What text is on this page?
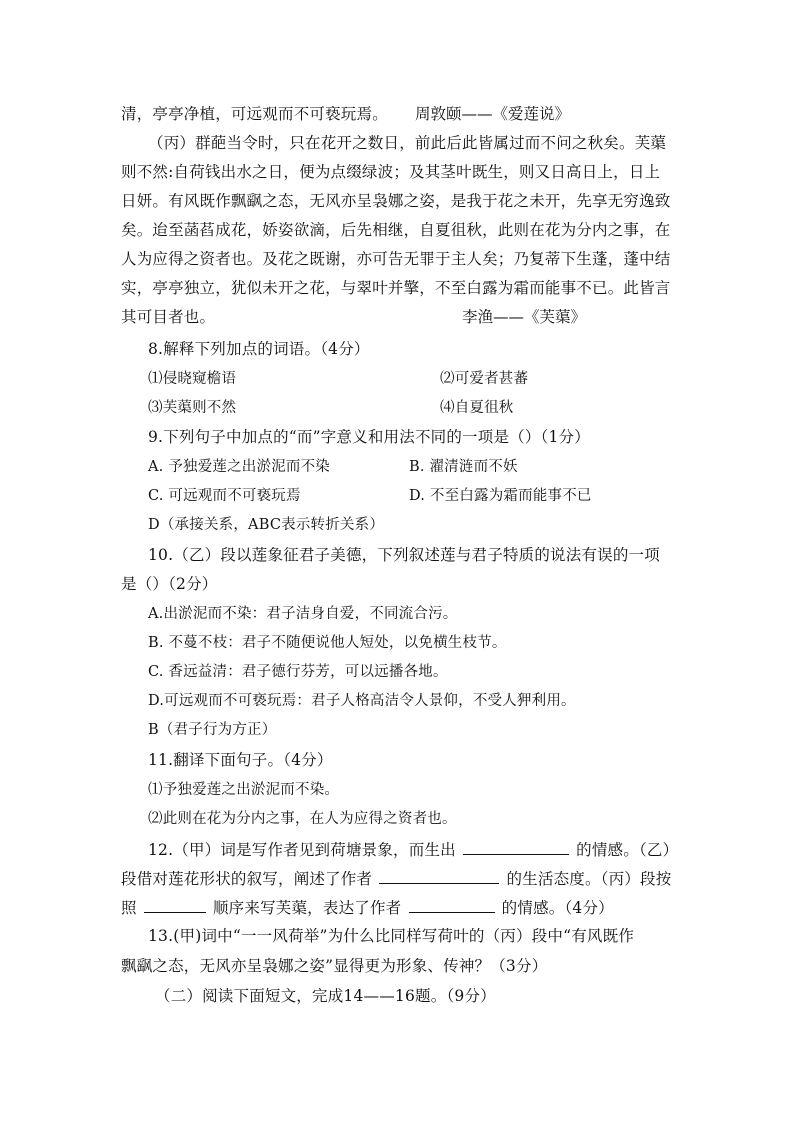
清，亭亭净植，可远观而不可亵玩焉。 周敦颐——《爱莲说》
（丙）群葩当令时，只在花开之数日，前此后此皆属过而不问之秋矣。芙蕖
则不然:自荷钱出水之日，便为点缀绿波；及其茎叶既生，则又日高日上，日上
日妍。有风既作飘飖之态，无风亦呈袅娜之姿，是我于花之未开，先享无穷逸致
矣。迨至菡萏成花，娇姿欲滴，后先相继，自夏徂秋，此则在花为分内之事，在
人为应得之资者也。及花之既谢，亦可告无罪于主人矣；乃复蒂下生蓬，蓬中结
实，亭亭独立，犹似未开之花，与翠叶并擎，不至白露为霜而能事不已。此皆言
其可目者也。	李渔——《芙蕖》
8.解释下列加点的词语。（4分）
⑴侵晓窥檐语	⑵可爱者甚蕃
⑶芙蕖则不然	⑷自夏徂秋
9.下列句子中加点的“而”字意义和用法不同的一项是（）（1分）
A. 予独爱莲之出淤泥而不染	B. 濯清涟而不妖
C. 可远观而不可亵玩焉	D. 不至白露为霜而能事不已
D（承接关系，ABC表示转折关系）
10.（乙）段以莲象征君子美德，下列叙述莲与君子特质的说法有误的一项
是（）（2分）
A.出淤泥而不染：君子洁身自爱，不同流合污。
B. 不蔓不枝：君子不随便说他人短处，以免横生枝节。
C. 香远益清：君子德行芬芳，可以远播各地。
D.可远观而不可亵玩焉：君子人格高洁令人景仰，不受人狎利用。
B（君子行为方正）
11.翻译下面句子。（4分）
⑴予独爱莲之出淤泥而不染。
⑵此则在花为分内之事，在人为应得之资者也。
12.（甲）词是写作者见到荷塘景象，而生出	的情感。（乙）
段借对莲花形状的叙写，阐述了作者	的生活态度。（丙）段按
照	顺序来写芙蕖，表达了作者	的情感。（4分）
13.(甲)词中“一一风荷举”为什么比同样写荷叶的（丙）段中“有风既作
飘飖之态，无风亦呈袅娜之姿”显得更为形象、传神？（3分）
（二）阅读下面短文，完成14——16题。（9分）
